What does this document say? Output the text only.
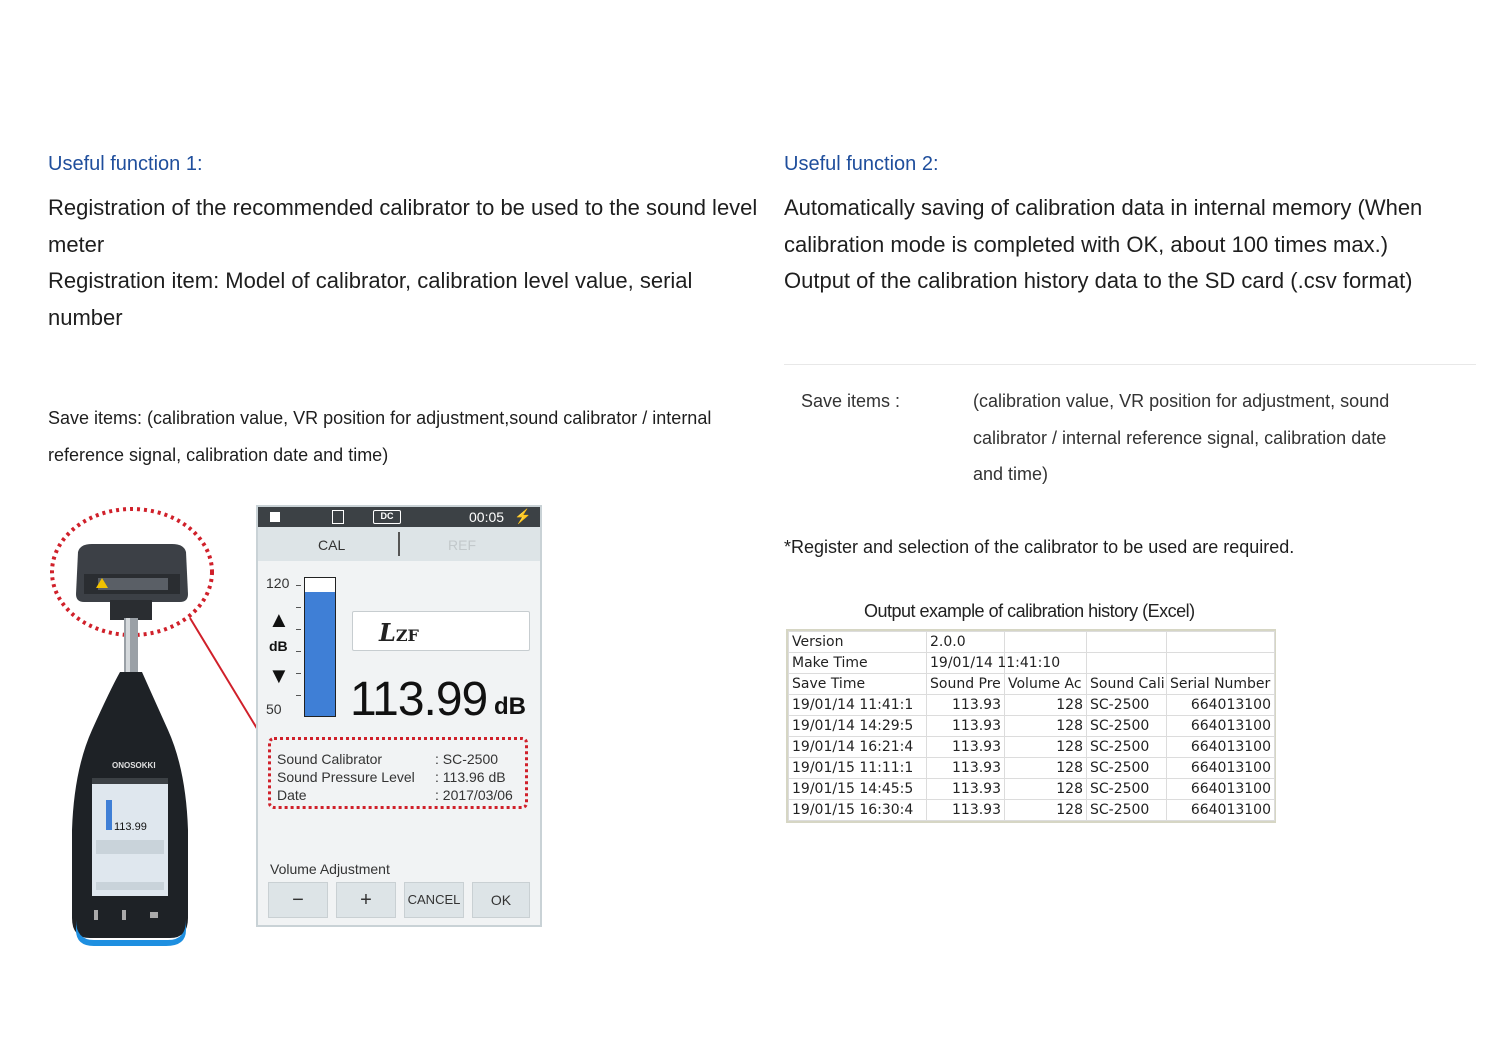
Useful function 1:
Registration of the recommended calibrator to be used to the sound level meter
Registration item: Model of calibrator, calibration level value, serial number
Save items: (calibration value, VR position for adjustment,sound calibrator / internal reference signal, calibration date and time)
Useful function 2:
Automatically saving of calibration data in internal memory (When calibration mode is completed with OK, about 100 times max.)
Output of the calibration history data to the SD card (.csv format)
Save items :	(calibration value, VR position for adjustment, sound calibrator / internal reference signal, calibration date and time)
*Register and selection of the calibrator to be used are required.
ONOSOKKI
113.99
DC	00:05 ⚡
CAL	REF
120
▲
dB
▼
50
LZF
113.99 dB
Sound Calibrator	: SC-2500
Sound Pressure Level : 113.96 dB
Date	: 2017/03/06
Volume Adjustment
−	+	CANCEL	OK
Output example of calibration history (Excel)
Version	2.0.0			
Make Time	19/01/14 11:41:10			
Save Time	Sound Pre	Volume Ac	Sound Cali	Serial Number
19/01/14 11:41:1	113.93	128	SC-2500	664013100
19/01/14 14:29:5	113.93	128	SC-2500	664013100
19/01/14 16:21:4	113.93	128	SC-2500	664013100
19/01/15 11:11:1	113.93	128	SC-2500	664013100
19/01/15 14:45:5	113.93	128	SC-2500	664013100
19/01/15 16:30:4	113.93	128	SC-2500	664013100
